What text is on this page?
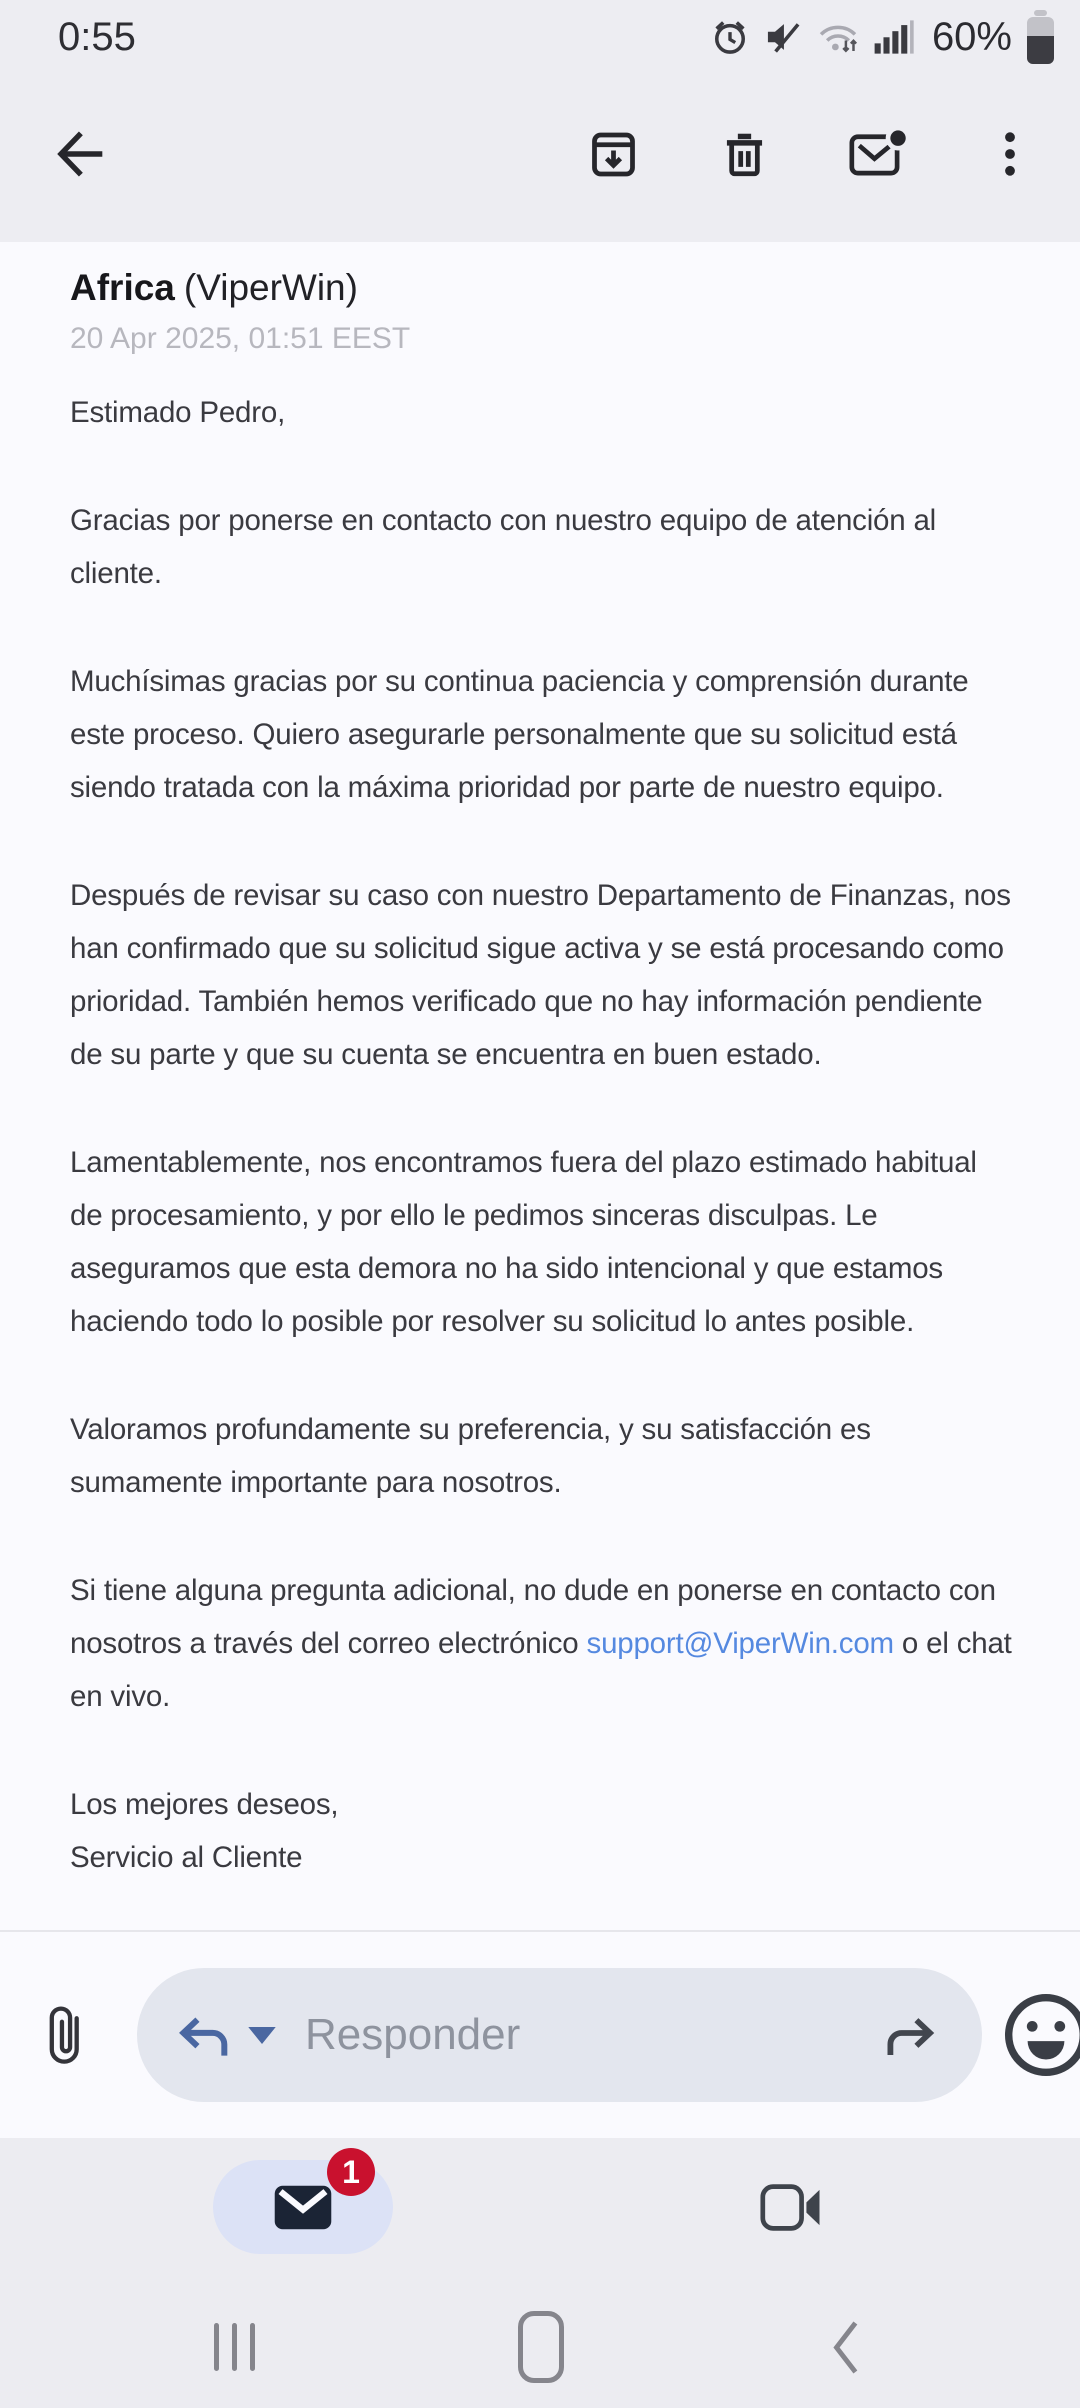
0:55	60%
Africa (ViperWin)
20 Apr 2025, 01:51 EEST

Estimado Pedro,

Gracias por ponerse en contacto con nuestro equipo de atención al cliente.

Muchísimas gracias por su continua paciencia y comprensión durante este proceso. Quiero asegurarle personalmente que su solicitud está siendo tratada con la máxima prioridad por parte de nuestro equipo.

Después de revisar su caso con nuestro Departamento de Finanzas, nos han confirmado que su solicitud sigue activa y se está procesando como prioridad. También hemos verificado que no hay información pendiente de su parte y que su cuenta se encuentra en buen estado.

Lamentablemente, nos encontramos fuera del plazo estimado habitual de procesamiento, y por ello le pedimos sinceras disculpas. Le aseguramos que esta demora no ha sido intencional y que estamos haciendo todo lo posible por resolver su solicitud lo antes posible.

Valoramos profundamente su preferencia, y su satisfacción es sumamente importante para nosotros.

Si tiene alguna pregunta adicional, no dude en ponerse en contacto con nosotros a través del correo electrónico support@ViperWin.com o el chat en vivo.

Los mejores deseos,
Servicio al Cliente

Responder
1
